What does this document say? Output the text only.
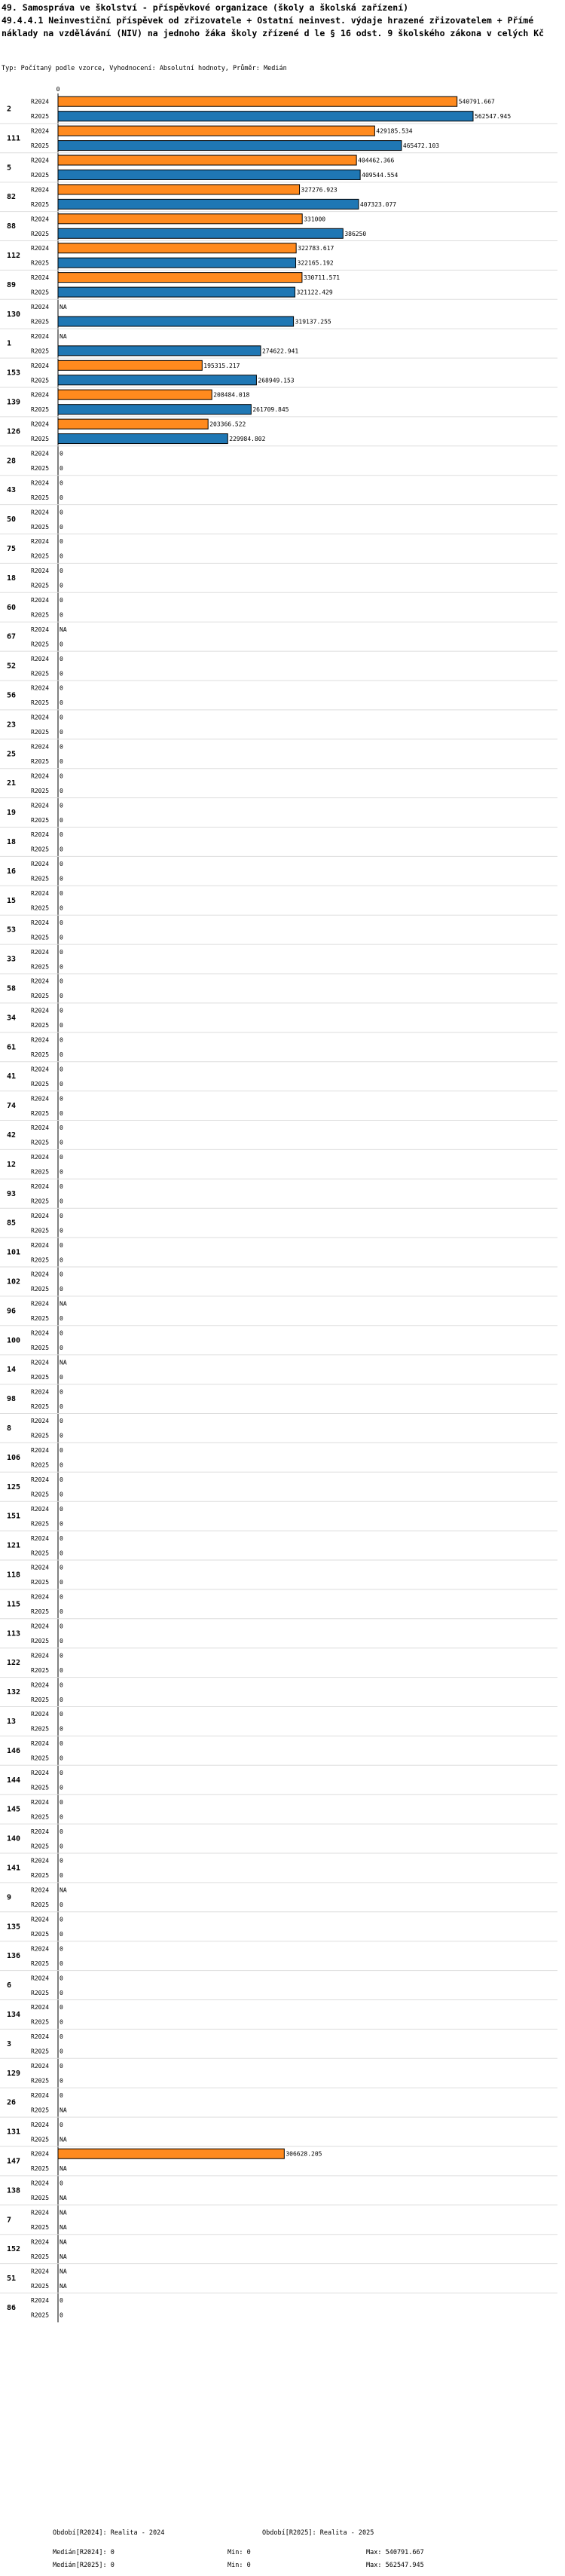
49. Samospráva ve školství - příspěvkové organizace (školy a školská zařízení)
49.4.4.1 Neinvestiční příspěvek od zřizovatele + Ostatní neinvest. výdaje hrazené zřizovatelem + Přímé náklady na vzdělávání (NIV) na jednoho žáka školy zřízené d le § 16 odst. 9 školského zákona v celých Kč
Typ: Počítaný podle vzorce, Vyhodnocení: Absolutní hodnoty, Průměr: Medián
0
2
R2024	540791.667
R2025	562547.945
111
R2024	429185.534
R2025	465472.103
5
R2024	404462.366
R2025	409544.554
82
R2024	327276.923
R2025	407323.077
88
R2024	331000
R2025	386250
112
R2024	322783.617
R2025	322165.192
89
R2024	330711.571
R2025	321122.429
130
R2024 NA
R2025	319137.255
1
R2024 NA
R2025	274622.941
153
R2024	195315.217
R2025	268949.153
139
R2024	208484.018
R2025	261709.845
126
R2024	203366.522
R2025	229984.802
28
R2024 0
R2025 0
43
R2024 0
R2025 0
50
R2024 0
R2025 0
75
R2024 0
R2025 0
18
R2024 0
R2025 0
60
R2024 0
R2025 0
67
R2024 NA
R2025 0
52
R2024 0
R2025 0
56
R2024 0
R2025 0
23
R2024 0
R2025 0
25
R2024 0
R2025 0
21
R2024 0
R2025 0
19
R2024 0
R2025 0
18
R2024 0
R2025 0
16
R2024 0
R2025 0
15
R2024 0
R2025 0
53
R2024 0
R2025 0
33
R2024 0
R2025 0
58
R2024 0
R2025 0
34
R2024 0
R2025 0
61
R2024 0
R2025 0
41
R2024 0
R2025 0
74
R2024 0
R2025 0
42
R2024 0
R2025 0
12
R2024 0
R2025 0
93
R2024 0
R2025 0
85
R2024 0
R2025 0
101
R2024 0
R2025 0
102
R2024 0
R2025 0
96
R2024 NA
R2025 0
100
R2024 0
R2025 0
14
R2024 NA
R2025 0
98
R2024 0
R2025 0
8
R2024 0
R2025 0
106
R2024 0
R2025 0
125
R2024 0
R2025 0
151
R2024 0
R2025 0
121
R2024 0
R2025 0
118
R2024 0
R2025 0
115
R2024 0
R2025 0
113
R2024 0
R2025 0
122
R2024 0
R2025 0
132
R2024 0
R2025 0
13
R2024 0
R2025 0
146
R2024 0
R2025 0
144
R2024 0
R2025 0
145
R2024 0
R2025 0
140
R2024 0
R2025 0
141
R2024 0
R2025 0
9
R2024 NA
R2025 0
135
R2024 0
R2025 0
136
R2024 0
R2025 0
6
R2024 0
R2025 0
134
R2024 0
R2025 0
3
R2024 0
R2025 0
129
R2024 0
R2025 0
26
R2024 0
R2025 NA
131
R2024 0
R2025 NA
147
R2024	306628.205
R2025 NA
138
R2024 0
R2025 NA
7
R2024 NA
R2025 NA
152
R2024 NA
R2025 NA
51
R2024 NA
R2025 NA
86
R2024 0
R2025 0
Období[R2024]: Realita - 2024	Období[R2025]: Realita - 2025
Medián[R2024]: 0	Min: 0	Max: 540791.667
Medián[R2025]: 0	Min: 0	Max: 562547.945
